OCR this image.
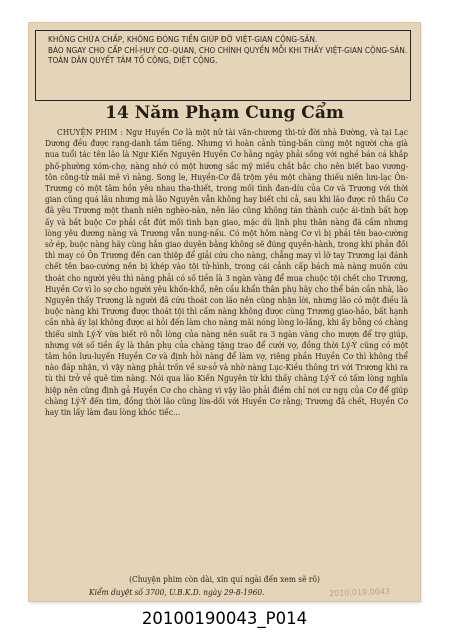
KHÔNG CHỨA CHẤP, KHÔNG ĐÓNG TIỀN GIÚP ĐỠ VIỆT-GIAN CỘNG-SẢN.
BÁO NGAY CHO CẤP CHỈ-HUY CƠ-QUAN, CHO CHÍNH QUYỀN MỖI KHI THẤY VIỆT-GIAN CỘNG-SẢN.
TOÀN DÂN QUYẾT TÂM TỐ CỘNG, DIỆT CỘNG.
14 Năm Phạm Cung Cẩm

CHUYỆN PHIM : Ngư Huyền Cơ là một nữ tài văn-chương thi-tứ đời nhà Đường, và tại Lạc Dương đều được rạng-danh tầm tiếng. Nhưng vì hoàn cảnh túng-bấn cùng một người cha già nua tuổi tác tên lão là Ngư Kiến Nguyên Huyền Cơ hằng ngày phải sống với nghề bán cá khắp phố-phường xóm-chợ, nàng nhớ có một hương sắc mỹ miều chắt bắc cho nên biết bao vương-tôn công-tử mãi mê vì nàng. Song le, Huyền-Cơ đã trộm yêu một chàng thiếu niên lưu-lạc Ôn-Trương có một tâm hồn yêu nhau tha-thiết, trong mối tình đan-díu của Cơ và Trương với thời gian cũng quá lâu nhưng mà lão Nguyên vẫn không hay biết chi cả, sau khi lão được rõ thấu Cơ đã yêu Trương một thanh niên nghèo-nàn, nên lão cũng không tán thành cuộc ái-tình bất hợp ấy và bắt buộc Cơ phải cắt đứt mối tình bạn giao, mặc dù lịnh phụ thân nàng đã cấm nhưng lòng yêu đương nàng và Trương vẫn nung-nấu. Có một hôm nàng Cơ vì bị phải tên bao-cường sở ép, buộc nàng hãy cùng hắn giao duyên bằng không sẽ đúng quyền-hành, trong khi phản đối thì may có Ôn Trương đến can thiệp để giải cứu cho nàng, chẳng may vì lỡ tay Trương lại đánh chết tên bao-cường nên bị khép vào tội tử-hình, trong cái cảnh cấp bách mà nàng muốn cứu thoát cho người yêu thì nàng phải có số tiền là 3 ngàn vàng để mua chuộc tội chết cho Trương, Huyền Cơ vì lo sợ cho người yêu khốn-khổ, nên cầu khẩn thân phụ hãy cho thể bán cần nhà, lão Nguyên thấy Trương là người đã cứu thoát con lão nên cũng nhận lời, nhưng lão có một điều là buộc nàng khi Trương được thoát tội thì cấm nàng không được cùng Trương giao-hảo, bất hạnh cần nhà ấy lại không được ai hỏi đến làm cho nàng mãi nóng lòng lo-lắng, khi ấy bỗng có chàng thiếu sinh Lý-Ý vừa biết rõ nỗi lòng của nàng nên suất ra 3 ngàn vàng cho mượn để trợ giúp, nhưng với số tiền ấy là thân phụ của chàng tặng trao để cưới vợ, đồng thời Lý-Ý cũng có một tâm hồn lưu-luyến Huyền Cơ và định hỏi nàng để làm vợ, riêng phần Huyền Cơ thì không thể nào đáp nhận, vì vậy nàng phải trốn về sư-sở và nhờ nàng Lục-Kiều thông tri với Trương khi ra tù thì trở về quê tìm nàng. Nói qua lão Kiến Nguyên từ khi thấy chàng Lý-Ý có tấm lòng nghĩa hiệp nên cũng định gả Huyền Cơ cho chàng vì vậy lão phải điềm chỉ nơi cư ngụ của Cơ để giúp chàng Lý-Ý đến tìm, đồng thời lão cũng lừa-dối với Huyền Cơ rằng; Trương đã chết, Huyền Cơ hay tin lấy làm đau lòng khóc tiếc...

(Chuyện phim còn dài, xin quí ngài đến xem sẽ rõ)
Kiểm duyệt số 3700, U.B.K.D. ngày 29-8-1960.	2010.019.0043
20100190043_P014
